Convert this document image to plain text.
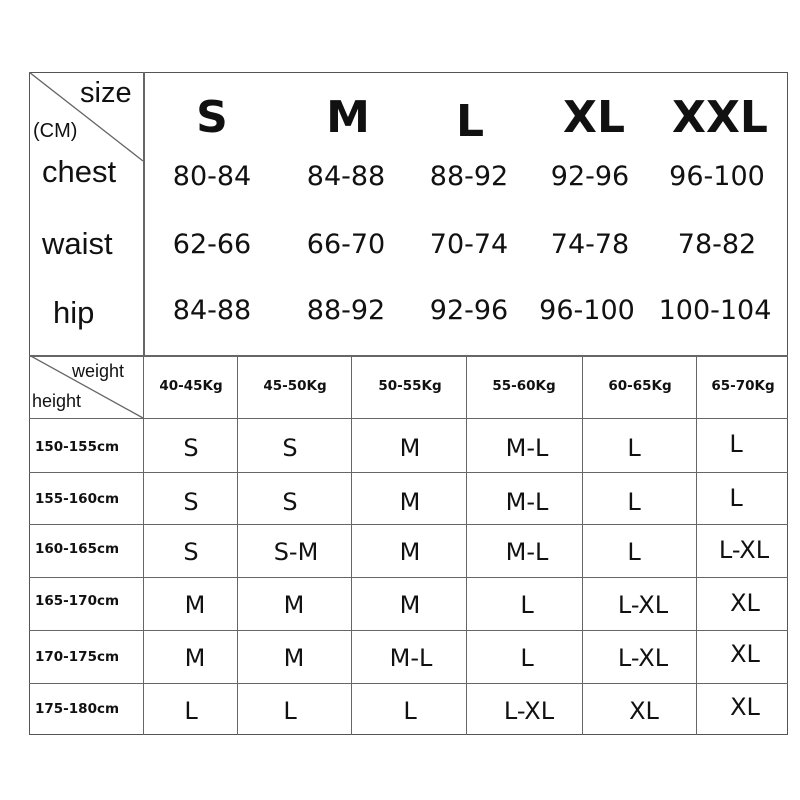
size
(CM)	S M L XL XXL
chest 80-84 84-88 88-92 92-96 96-100
waist 62-66 66-70 70-74 74-78 78-82
hip	84-88 88-92 92-96 96-100 100-104
weight
height
40-45Kg	45-50Kg	50-55Kg	55-60Kg	60-65Kg	65-70Kg
150-155cm	S	S	M	M-L	L	L
155-160cm	S	S	M	M-L	L	L
160-165cm	S	S-M	M	M-L	L	L-XL
165-170cm	M	M	M	L	L-XL	XL
170-175cm	M	M	M-L	L	L-XL	XL
175-180cm	L	L	L	L-XL	XL	XL
